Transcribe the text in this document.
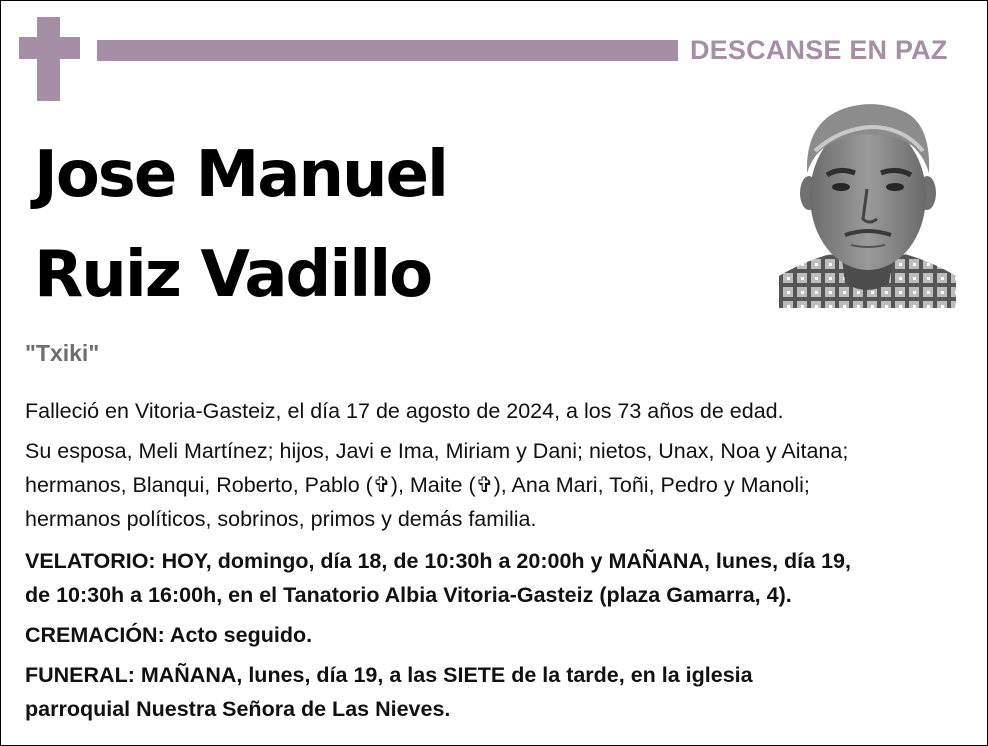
DESCANSE EN PAZ
Jose Manuel
Ruiz Vadillo
"Txiki"
Falleció en Vitoria-Gasteiz, el día 17 de agosto de 2024, a los 73 años de edad.
Su esposa, Meli Martínez; hijos, Javi e Ima, Miriam y Dani; nietos, Unax, Noa y Aitana;
hermanos, Blanqui, Roberto, Pablo (✞), Maite (✞), Ana Mari, Toñi, Pedro y Manoli;
hermanos políticos, sobrinos, primos y demás familia.
VELATORIO: HOY, domingo, día 18, de 10:30h a 20:00h y MAÑANA, lunes, día 19,
de 10:30h a 16:00h, en el Tanatorio Albia Vitoria-Gasteiz (plaza Gamarra, 4).
CREMACIÓN: Acto seguido.
FUNERAL: MAÑANA, lunes, día 19, a las SIETE de la tarde, en la iglesia
parroquial Nuestra Señora de Las Nieves.
